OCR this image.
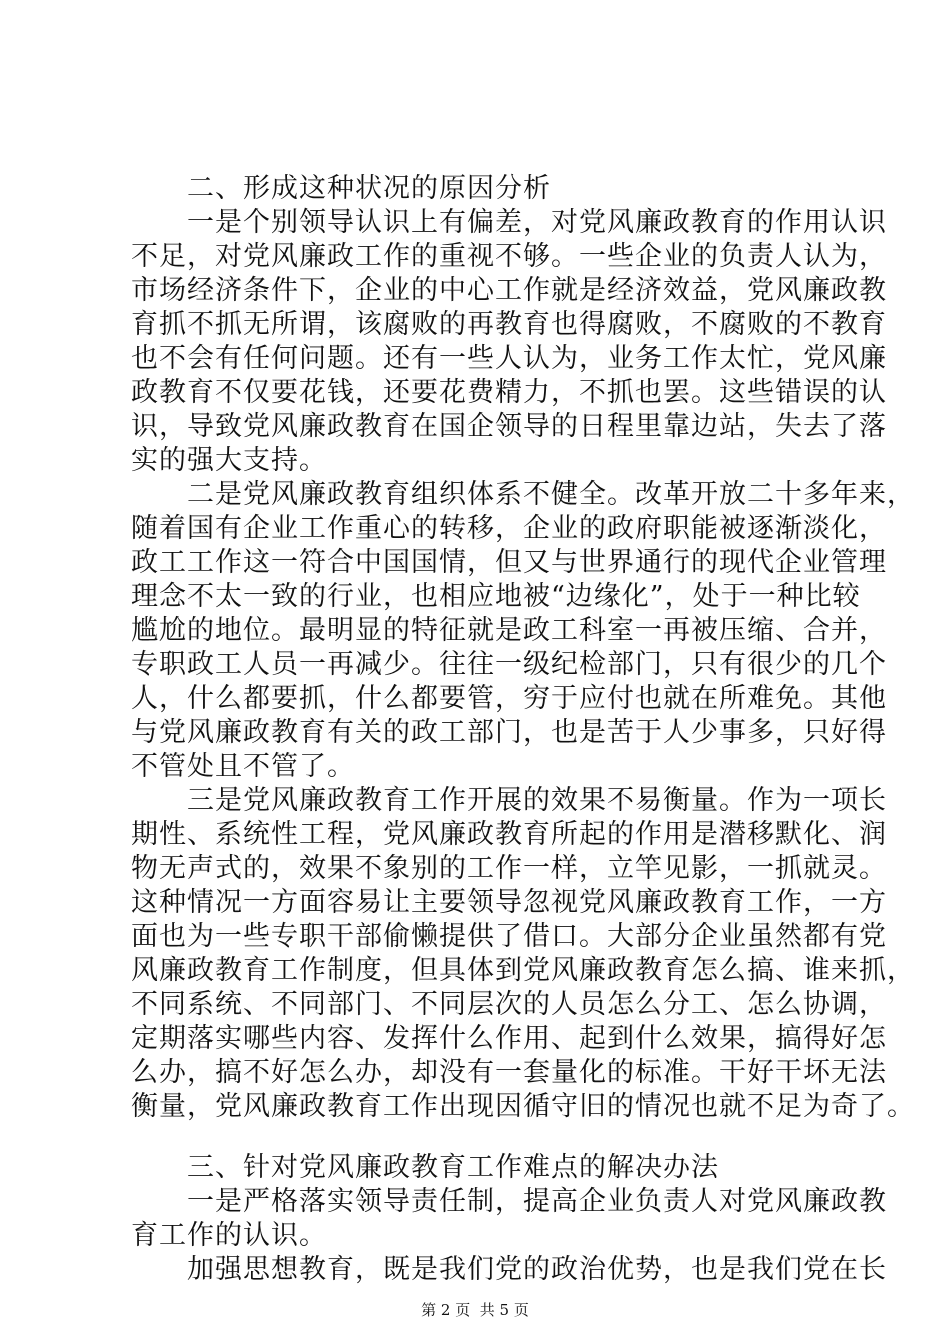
　　二、形成这种状况的原因分析
　　一是个别领导认识上有偏差，对党风廉政教育的作用认识
不足，对党风廉政工作的重视不够。一些企业的负责人认为，
市场经济条件下，企业的中心工作就是经济效益，党风廉政教
育抓不抓无所谓，该腐败的再教育也得腐败，不腐败的不教育
也不会有任何问题。还有一些人认为，业务工作太忙，党风廉
政教育不仅要花钱，还要花费精力，不抓也罢。这些错误的认
识，导致党风廉政教育在国企领导的日程里靠边站，失去了落
实的强大支持。
　　二是党风廉政教育组织体系不健全。改革开放二十多年来，
随着国有企业工作重心的转移，企业的政府职能被逐渐淡化，
政工工作这一符合中国国情，但又与世界通行的现代企业管理
理念不太一致的行业，也相应地被“边缘化”，处于一种比较
尴尬的地位。最明显的特征就是政工科室一再被压缩、合并，
专职政工人员一再减少。往往一级纪检部门，只有很少的几个
人，什么都要抓，什么都要管，穷于应付也就在所难免。其他
与党风廉政教育有关的政工部门，也是苦于人少事多，只好得
不管处且不管了。
　　三是党风廉政教育工作开展的效果不易衡量。作为一项长
期性、系统性工程，党风廉政教育所起的作用是潜移默化、润
物无声式的，效果不象别的工作一样，立竿见影，一抓就灵。
这种情况一方面容易让主要领导忽视党风廉政教育工作，一方
面也为一些专职干部偷懒提供了借口。大部分企业虽然都有党
风廉政教育工作制度，但具体到党风廉政教育怎么搞、谁来抓，
不同系统、不同部门、不同层次的人员怎么分工、怎么协调，
定期落实哪些内容、发挥什么作用、起到什么效果，搞得好怎
么办，搞不好怎么办，却没有一套量化的标准。干好干坏无法
衡量，党风廉政教育工作出现因循守旧的情况也就不足为奇了。
　　三、针对党风廉政教育工作难点的解决办法
　　一是严格落实领导责任制，提高企业负责人对党风廉政教
育工作的认识。
第 2 页  共 5 页
　　加强思想教育，既是我们党的政治优势，也是我们党在长
